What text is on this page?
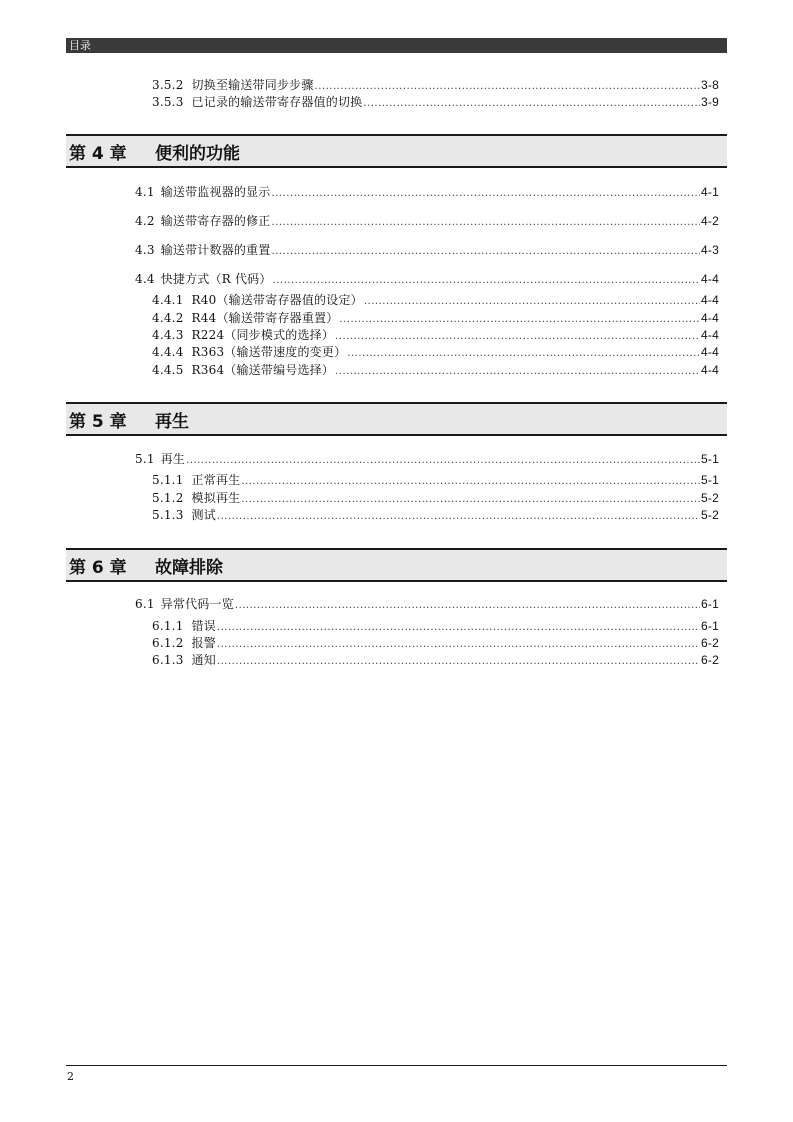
目录
3.5.2 切换至输送带同步步骤 .....	3-8
3.5.3 已记录的输送带寄存器值的切换 .....	3-9
第 4 章	便利的功能
4.1 输送带监视器的显示 .....	4-1
4.2 输送带寄存器的修正 .....	4-2
4.3 输送带计数器的重置 .....	4-3
4.4 快捷方式（R 代码） .....	4-4
4.4.1 R40（输送带寄存器值的设定） .....	4-4
4.4.2 R44（输送带寄存器重置） .....	4-4
4.4.3 R224（同步模式的选择） .....	4-4
4.4.4 R363（输送带速度的变更） .....	4-4
4.4.5 R364（输送带编号选择） .....	4-4
第 5 章	再生
5.1 再生 .....	5-1
5.1.1 正常再生 .....	5-1
5.1.2 模拟再生 .....	5-2
5.1.3 测试 .....	5-2
第 6 章	故障排除
6.1 异常代码一览 .....	6-1
6.1.1 错误 .....	6-1
6.1.2 报警 .....	6-2
6.1.3 通知 .....	6-2
2
